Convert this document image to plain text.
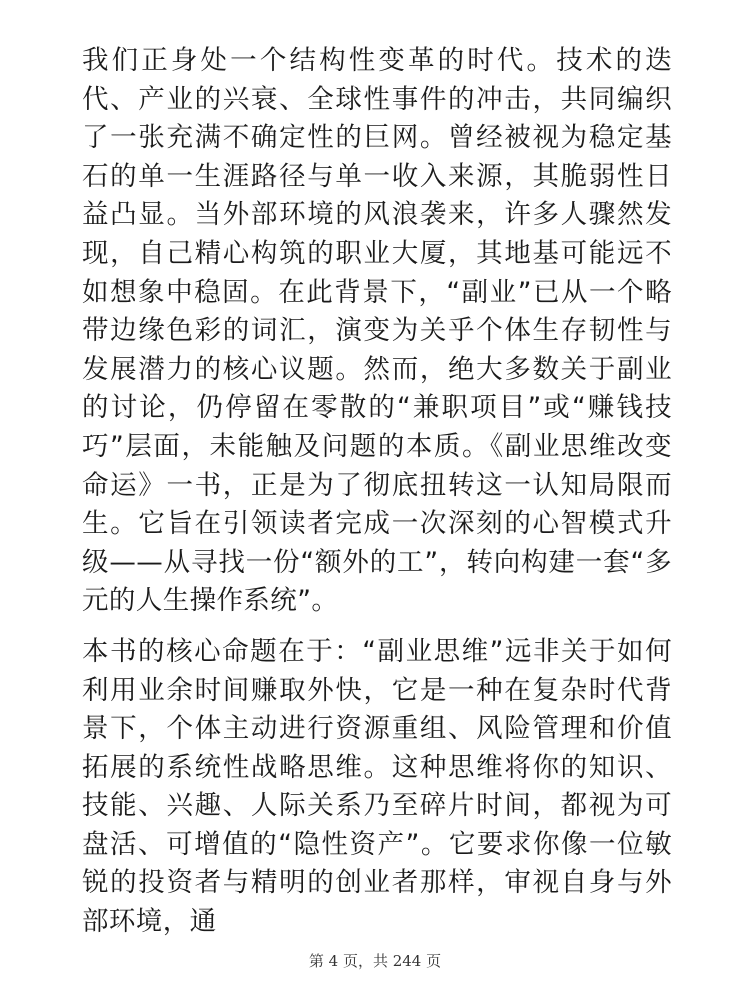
我们正身处一个结构性变革的时代。技术的迭代、产业的兴衰、全球性事件的冲击，共同编织了一张充满不确定性的巨网。曾经被视为稳定基石的单一生涯路径与单一收入来源，其脆弱性日益凸显。当外部环境的风浪袭来，许多人骤然发现，自己精心构筑的职业大厦，其地基可能远不如想象中稳固。在此背景下，“副业”已从一个略带边缘色彩的词汇，演变为关乎个体生存韧性与发展潜力的核心议题。然而，绝大多数关于副业的讨论，仍停留在零散的“兼职项目”或“赚钱技巧”层面，未能触及问题的本质。《副业思维改变命运》一书，正是为了彻底扭转这一认知局限而生。它旨在引领读者完成一次深刻的心智模式升级——从寻找一份“额外的工”，转向构建一套“多元的人生操作系统”。

本书的核心命题在于：“副业思维”远非关于如何利用业余时间赚取外快，它是一种在复杂时代背景下，个体主动进行资源重组、风险管理和价值拓展的系统性战略思维。这种思维将你的知识、技能、兴趣、人际关系乃至碎片时间，都视为可盘活、可增值的“隐性资产”。它要求你像一位敏锐的投资者与精明的创业者那样，审视自身与外部环境，通

第 4 页，共 244 页
